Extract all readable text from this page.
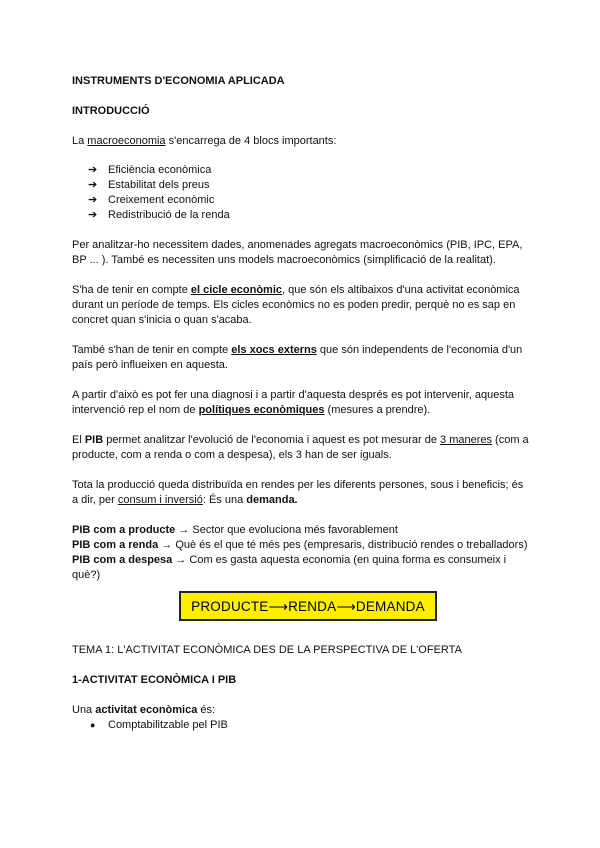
INSTRUMENTS D'ECONOMIA APLICADA

INTRODUCCIÓ

La macroeconomia s'encarrega de 4 blocs importants:

➔ Eficiència econòmica
➔ Estabilitat dels preus
➔ Creixement econòmic
➔ Redistribució de la renda

Per analitzar-ho necessitem dades, anomenades agregats macroeconòmics (PIB, IPC, EPA, BP ... ). També es necessiten uns models macroeconòmics (simplificació de la realitat).

S'ha de tenir en compte el cicle econòmic, que són els altibaixos d'una activitat econòmica durant un període de temps. Els cicles econòmics no es poden predir, perquè no es sap en concret quan s'inicia o quan s'acaba.

També s'han de tenir en compte els xocs externs que són independents de l'economia d'un país però influeixen en aquesta.

A partir d'això es pot fer una diagnosi i a partir d'aquesta després es pot intervenir, aquesta intervenció rep el nom de polítiques econòmiques (mesures a prendre).

El PIB permet analitzar l'evolució de l'economia i aquest es pot mesurar de 3 maneres (com a producte, com a renda o com a despesa), els 3 han de ser iguals.

Tota la producció queda distribuïda en rendes per les diferents persones, sous i beneficis; és a dir, per consum i inversió: És una demanda.

PIB com a producte → Sector que evoluciona més favorablement

PIB com a renda → Què és el que té més pes (empresaris, distribució rendes o treballadors)

PIB com a despesa → Com es gasta aquesta economia (en quina forma es consumeix i què?)

PRODUCTE ⟶ RENDA ⟶ DEMANDA

TEMA 1: L'ACTIVITAT ECONÒMICA DES DE LA PERSPECTIVA DE L'OFERTA

1-ACTIVITAT ECONÒMICA I PIB

Una activitat econòmica és:

●	Comptabilitzable pel PIB
